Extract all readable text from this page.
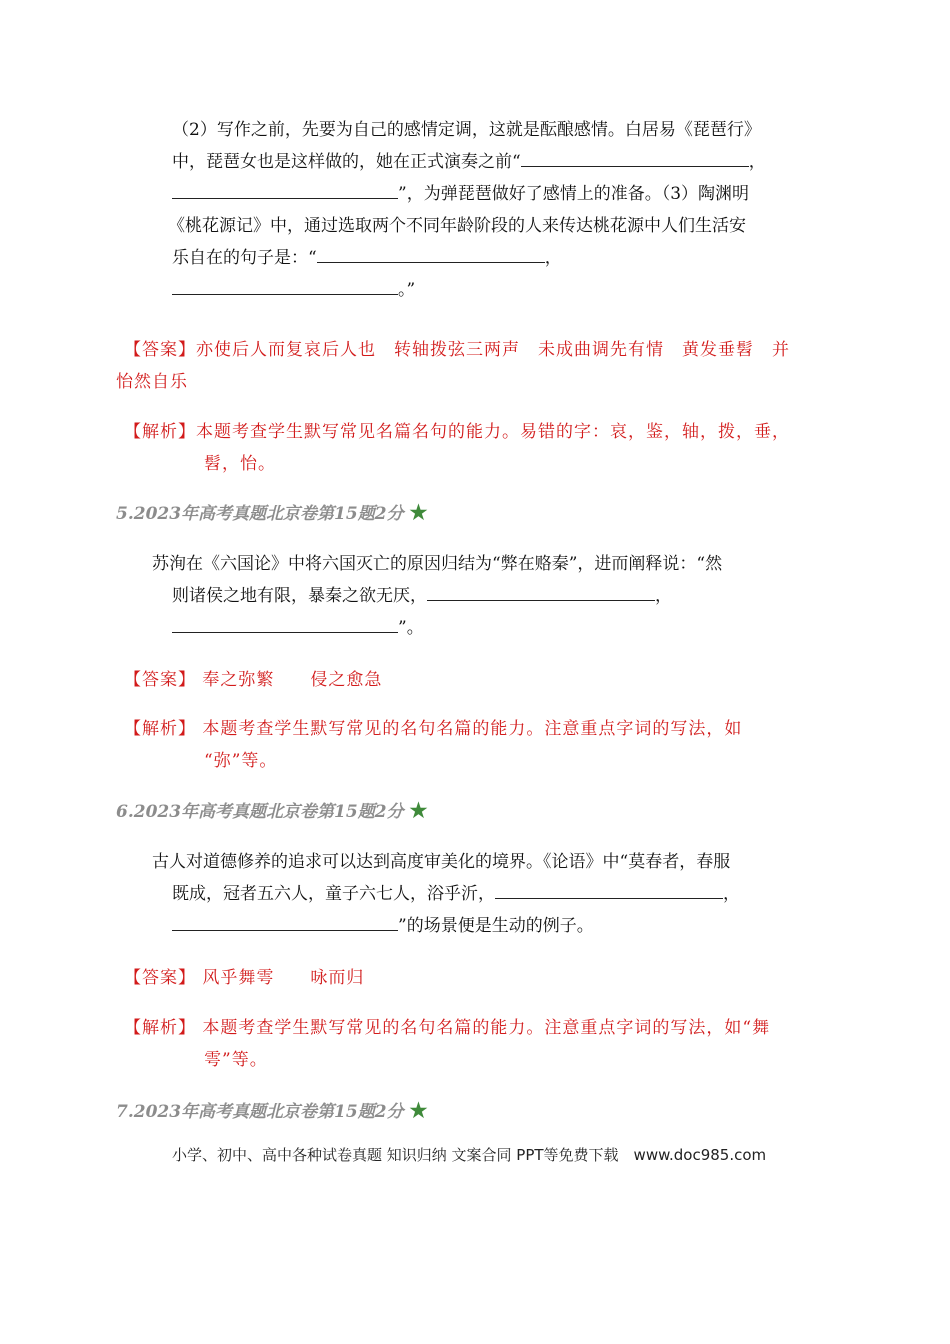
（2）写作之前，先要为自己的感情定调，这就是酝酿感情。白居易《琵琶行》

中，琵琶女也是这样做的，她在正式演奏之前“	，

”，为弹琵琶做好了感情上的准备。（3）陶渊明

《桃花源记》中，通过选取两个不同年龄阶段的人来传达桃花源中人们生活安

乐自在的句子是：“	，

。”

【答案】亦使后人而复哀后人也　转轴拨弦三两声　未成曲调先有情　黄发垂髫　并

怡然自乐

【解析】本题考查学生默写常见名篇名句的能力。易错的字：哀，鉴，轴，拨，垂，

髫，怡。

5.2023年高考真题北京卷第15题2分 ★

苏洵在《六国论》中将六国灭亡的原因归结为“弊在赂秦”，进而阐释说：“然

则诸侯之地有限，暴秦之欲无厌，	，

”。

【答案】 奉之弥繁　　侵之愈急

【解析】 本题考查学生默写常见的名句名篇的能力。注意重点字词的写法，如

“弥”等。

6.2023年高考真题北京卷第15题2分 ★

古人对道德修养的追求可以达到高度审美化的境界。《论语》中“莫春者，春服

既成，冠者五六人，童子六七人，浴乎沂，	，

”的场景便是生动的例子。

【答案】 风乎舞雩　　咏而归

【解析】 本题考查学生默写常见的名句名篇的能力。注意重点字词的写法，如“舞

雩”等。

7.2023年高考真题北京卷第15题2分 ★
小学、初中、高中各种试卷真题 知识归纳 文案合同 PPT等免费下载　www.doc985.com
